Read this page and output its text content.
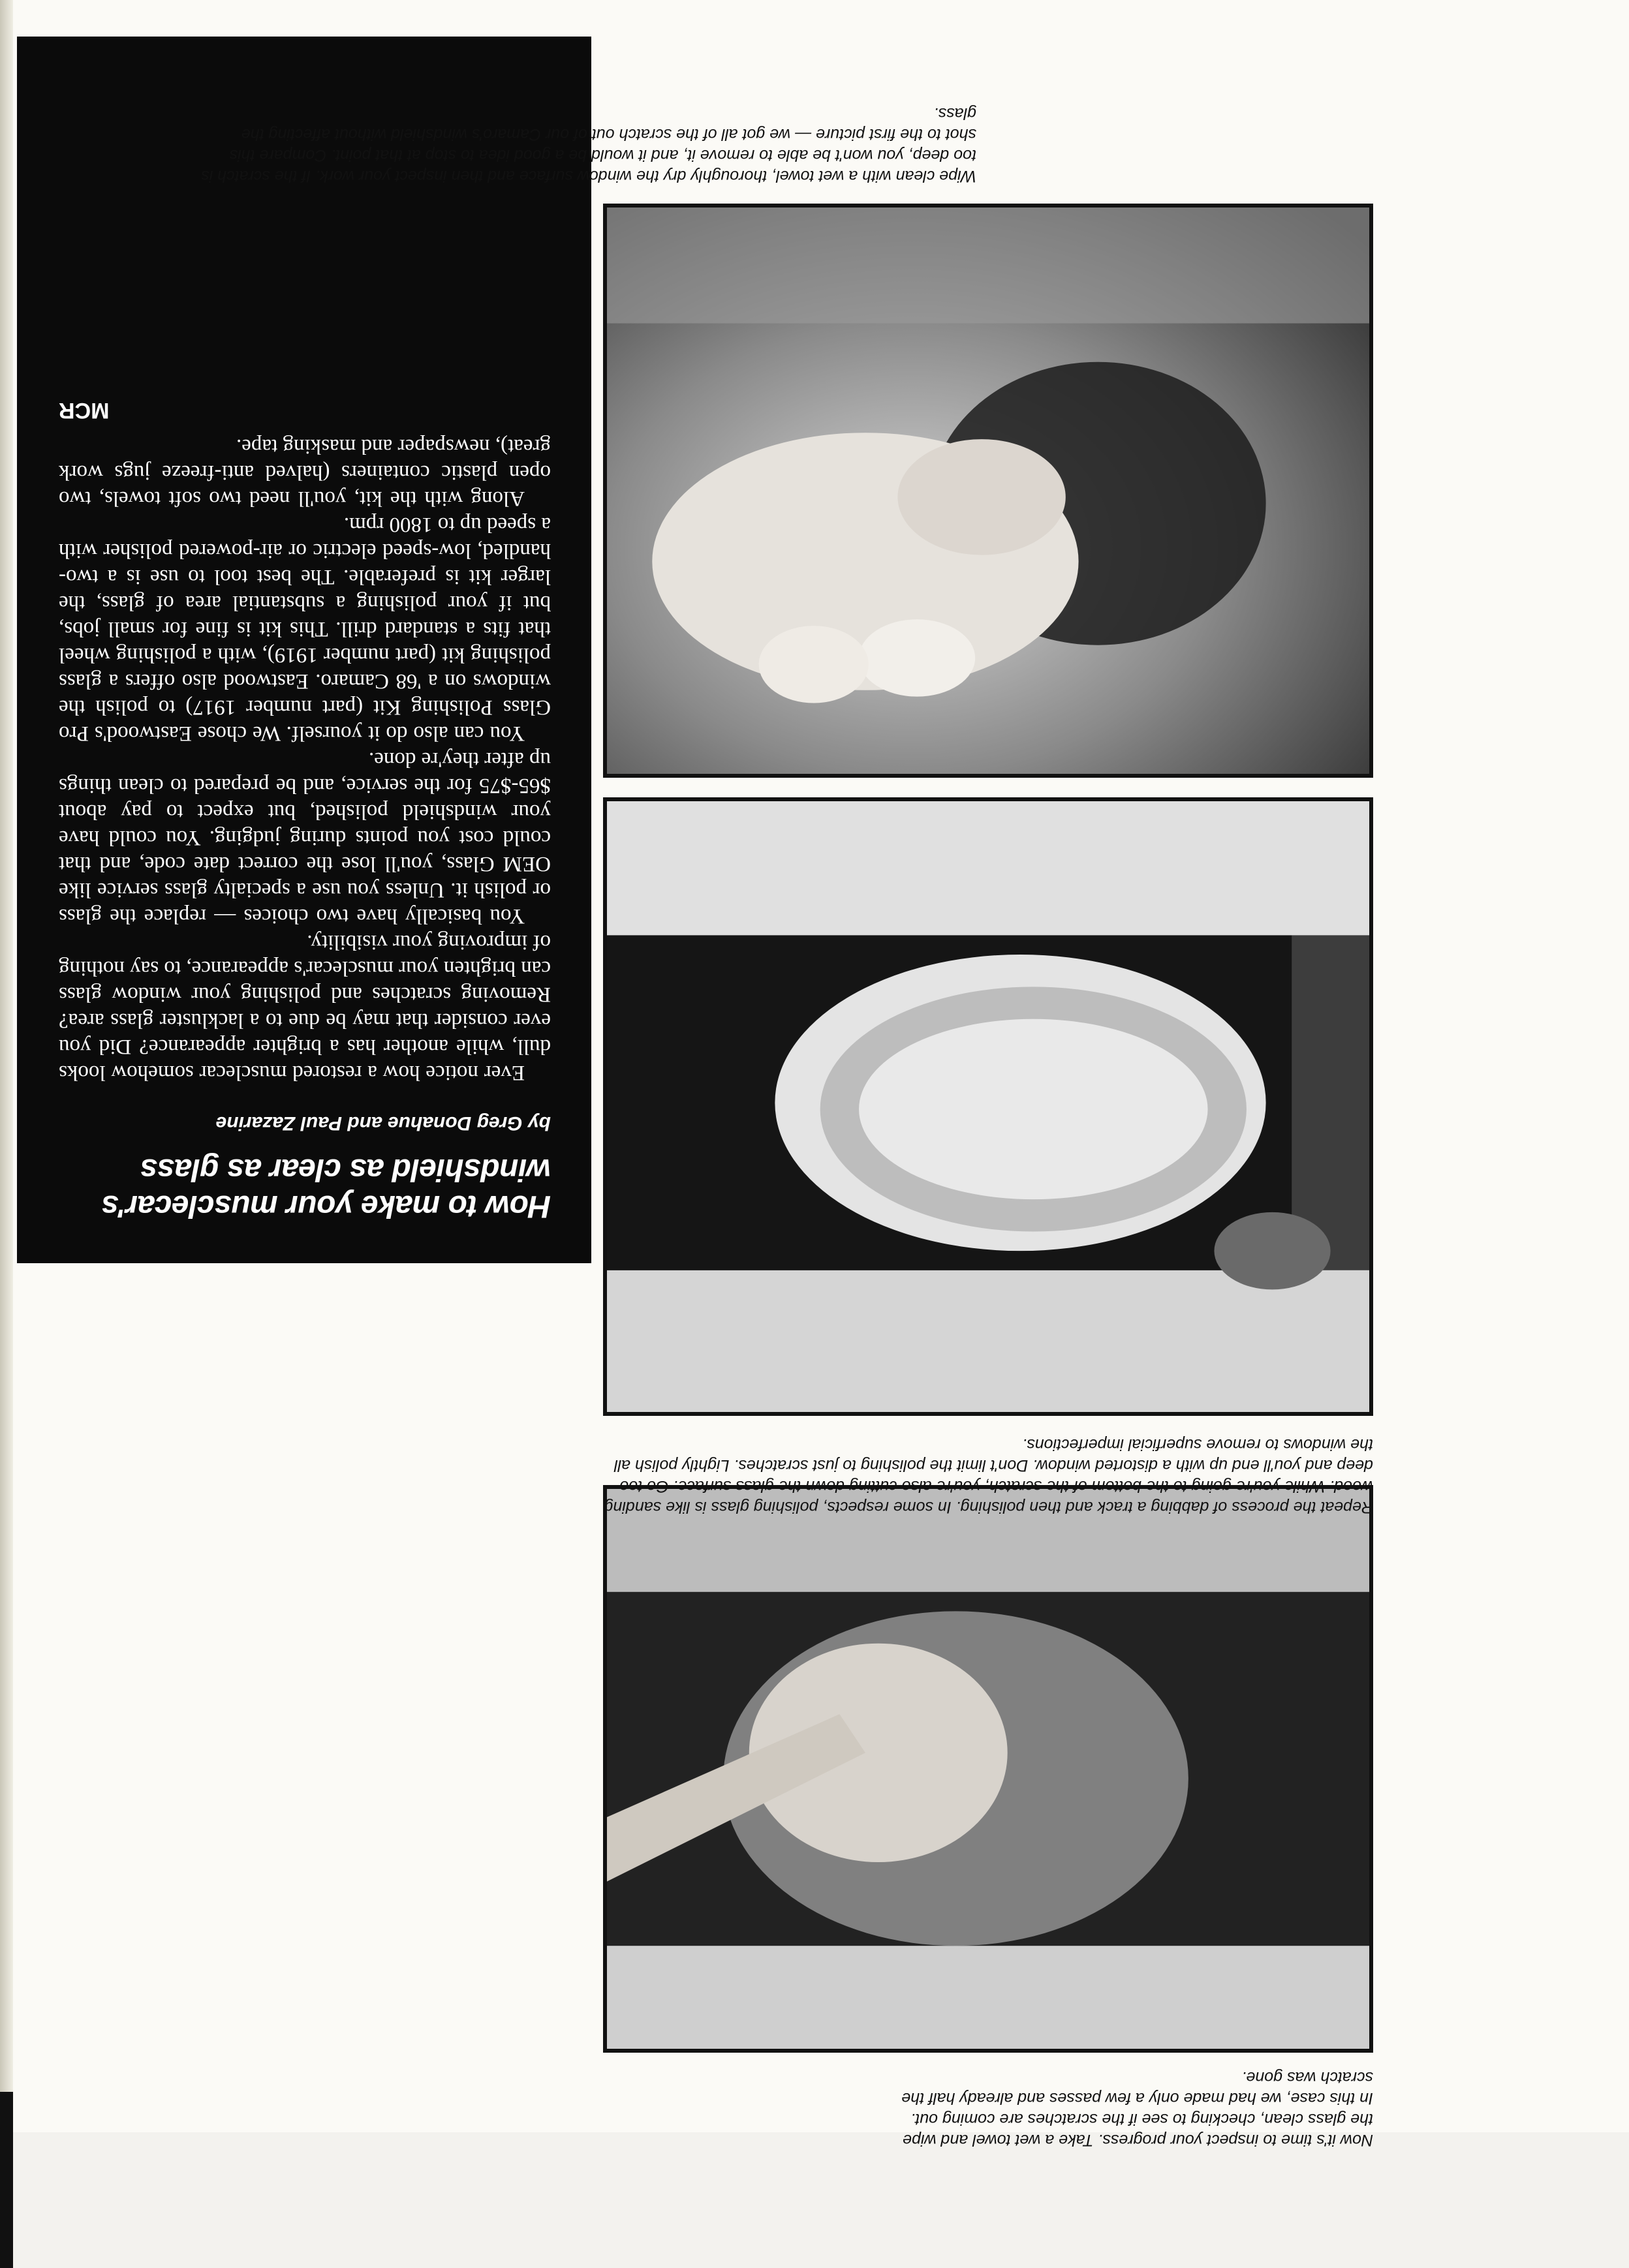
How to make your musclecar's windshield as clear as glass
by Greg Donahue and Paul Zazarine

Ever notice how a restored musclecar somehow looks dull, while another has a brighter appearance? Did you ever consider that may be due to a lackluster glass area? Removing scratches and polishing your window glass can brighten your musclecar's appearance, to say nothing of improving your visibility.

You basically have two choices — replace the glass or polish it. Unless you use a specialty glass service like OEM Glass, you'll lose the correct date code, and that could cost you points during judging. You could have your windshield polished, but expect to pay about $65-$75 for the service, and be prepared to clean things up after they're done.

You can also do it yourself. We chose Eastwood's Pro Glass Polishing Kit (part number 1917) to polish the windows on a '68 Camaro. Eastwood also offers a glass polishing kit (part number 1919), with a polishing wheel that fits a standard drill. This kit is fine for small jobs, but if your polishing a substantial area of glass, the larger kit is preferable. The best tool to use is a two-handled, low-speed electric or air-powered polisher with a speed up to 1800 rpm.

Along with the kit, you'll need two soft towels, two open plastic containers (halved anti-freeze jugs work great), newspaper and masking tape.

MCR
Wipe clean with a wet towel, thoroughly dry the window surface and then inspect your work. If the scratch is too deep, you won't be able to remove it, and it would be a good idea to stop at that point. Compare this shot to the first picture — we got all of the scratch out of our Camaro's windshield without affecting the glass.
Repeat the process of dabbing a track and then polishing. In some respects, polishing glass is like sanding wood. While you're going to the bottom of the scratch, you're also cutting down the glass surface. Go too deep and you'll end up with a distorted window. Don't limit the polishing to just scratches. Lightly polish all the windows to remove superficial imperfections.
Now it's time to inspect your progress. Take a wet towel and wipe the glass clean, checking to see if the scratches are coming out. In this case, we had made only a few passes and already half the scratch was gone.
